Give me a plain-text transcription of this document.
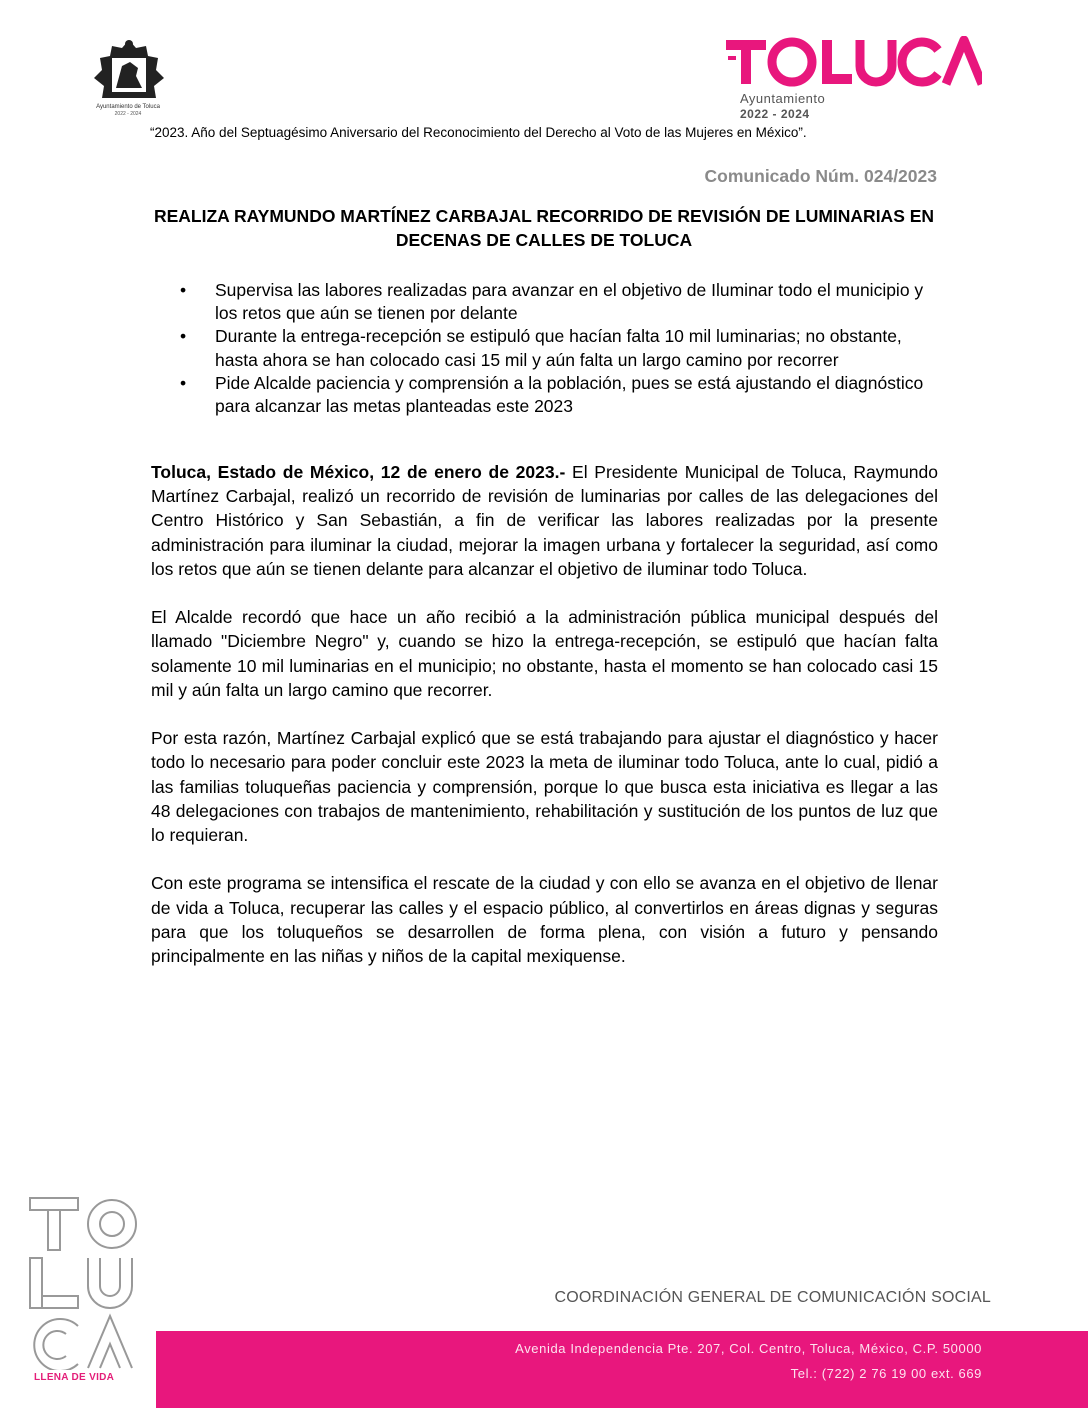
Ayuntamiento de Toluca
2022 - 2024
Ayuntamiento
2022 - 2024
“2023. Año del Septuagésimo Aniversario del Reconocimiento del Derecho al Voto de las Mujeres en México”.
Comunicado Núm. 024/2023
REALIZA RAYMUNDO MARTÍNEZ CARBAJAL RECORRIDO DE REVISIÓN DE LUMINARIAS EN DECENAS DE CALLES DE TOLUCA
• Supervisa las labores realizadas para avanzar en el objetivo de Iluminar todo el municipio y los retos que aún se tienen por delante
• Durante la entrega-recepción se estipuló que hacían falta 10 mil luminarias; no obstante, hasta ahora se han colocado casi 15 mil y aún falta un largo camino por recorrer
• Pide Alcalde paciencia y comprensión a la población, pues se está ajustando el diagnóstico para alcanzar las metas planteadas este 2023

Toluca, Estado de México, 12 de enero de 2023.- El Presidente Municipal de Toluca, Raymundo Martínez Carbajal, realizó un recorrido de revisión de luminarias por calles de las delegaciones del Centro Histórico y San Sebastián, a fin de verificar las labores realizadas por la presente administración para iluminar la ciudad, mejorar la imagen urbana y fortalecer la seguridad, así como los retos que aún se tienen delante para alcanzar el objetivo de iluminar todo Toluca.

El Alcalde recordó que hace un año recibió a la administración pública municipal después del llamado "Diciembre Negro" y, cuando se hizo la entrega-recepción, se estipuló que hacían falta solamente 10 mil luminarias en el municipio; no obstante, hasta el momento se han colocado casi 15 mil y aún falta un largo camino que recorrer.

Por esta razón, Martínez Carbajal explicó que se está trabajando para ajustar el diagnóstico y hacer todo lo necesario para poder concluir este 2023 la meta de iluminar todo Toluca, ante lo cual, pidió a las familias toluqueñas paciencia y comprensión, porque lo que busca esta iniciativa es llegar a las 48 delegaciones con trabajos de mantenimiento, rehabilitación y sustitución de los puntos de luz que lo requieran.

Con este programa se intensifica el rescate de la ciudad y con ello se avanza en el objetivo de llenar de vida a Toluca, recuperar las calles y el espacio público, al convertirlos en áreas dignas y seguras para que los toluqueños se desarrollen de forma plena, con visión a futuro y pensando principalmente en las niñas y niños de la capital mexiquense.

LLENA DE VIDA
COORDINACIÓN GENERAL DE COMUNICACIÓN SOCIAL
Avenida Independencia Pte. 207, Col. Centro, Toluca, México, C.P. 50000
Tel.: (722) 2 76 19 00 ext. 669
